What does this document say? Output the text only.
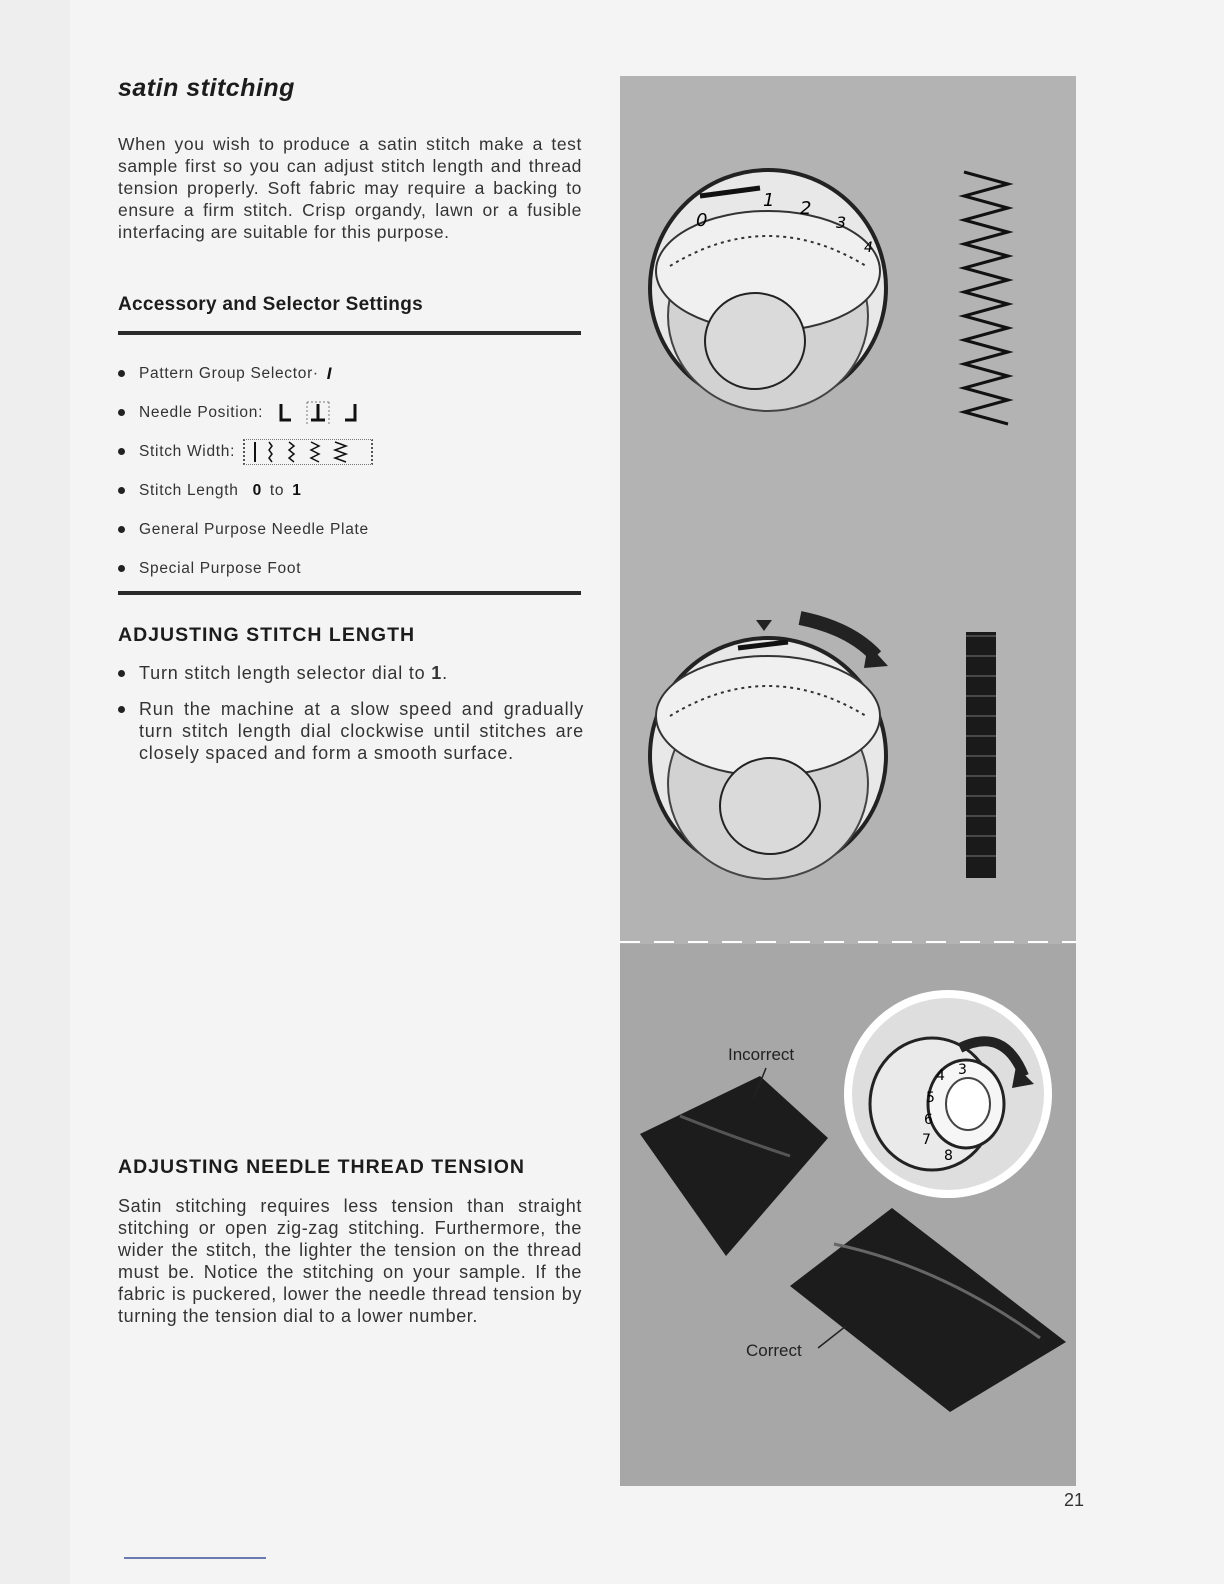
satin stitching

When you wish to produce a satin stitch make a test sample first so you can adjust stitch length and thread tension properly. Soft fabric may require a backing to ensure a firm stitch. Crisp organdy, lawn or a fusible interfacing are suitable for this purpose.

Accessory and Selector Settings
Pattern Group Selector· I
Needle Position:
Stitch Width:
Stitch Length 0 to 1
General Purpose Needle Plate
Special Purpose Foot
ADJUSTING STITCH LENGTH
Turn stitch length selector dial to 1.
Run the machine at a slow speed and gradually turn stitch length dial clockwise until stitches are closely spaced and form a smooth surface.
ADJUSTING NEEDLE THREAD TENSION

Satin stitching requires less tension than straight stitching or open zig-zag stitching. Furthermore, the wider the stitch, the lighter the tension on the thread must be. Notice the stitching on your sample. If the fabric is puckered, lower the needle thread tension by turning the tension dial to a lower number.

0
1 2
3
4
3
4
5
6
7
8
Incorrect
Correct
21
